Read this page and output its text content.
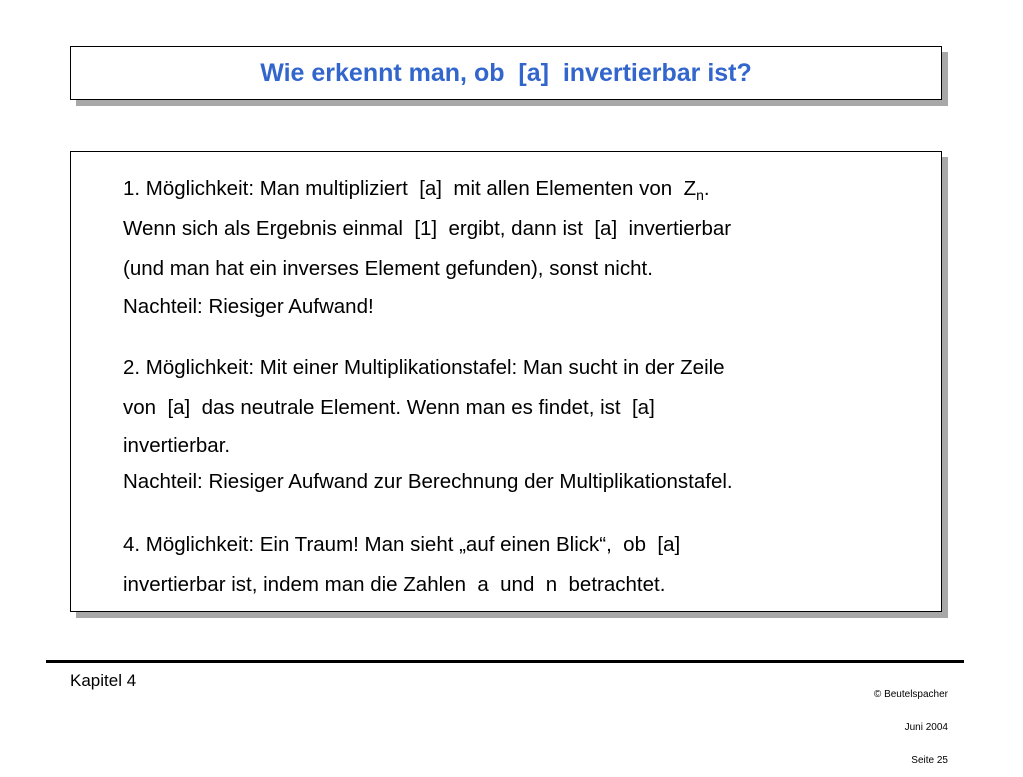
Wie erkennt man, ob  [a]  invertierbar ist?
1. Möglichkeit: Man multipliziert  [a]  mit allen Elementen von  $Z_n$.
Wenn sich als Ergebnis einmal  [1]  ergibt, dann ist  [a]  invertierbar
(und man hat ein inverses Element gefunden), sonst nicht.
Nachteil: Riesiger Aufwand!
2. Möglichkeit: Mit einer Multiplikationstafel: Man sucht in der Zeile
von  [a]  das neutrale Element. Wenn man es findet, ist  [a]
invertierbar.
Nachteil: Riesiger Aufwand zur Berechnung der Multiplikationstafel.
4. Möglichkeit: Ein Traum! Man sieht „auf einen Blick“,  ob  [a]
invertierbar ist, indem man die Zahlen  a  und  n  betrachtet.
Kapitel 4

© Beutelspacher

Juni 2004

Seite 25
